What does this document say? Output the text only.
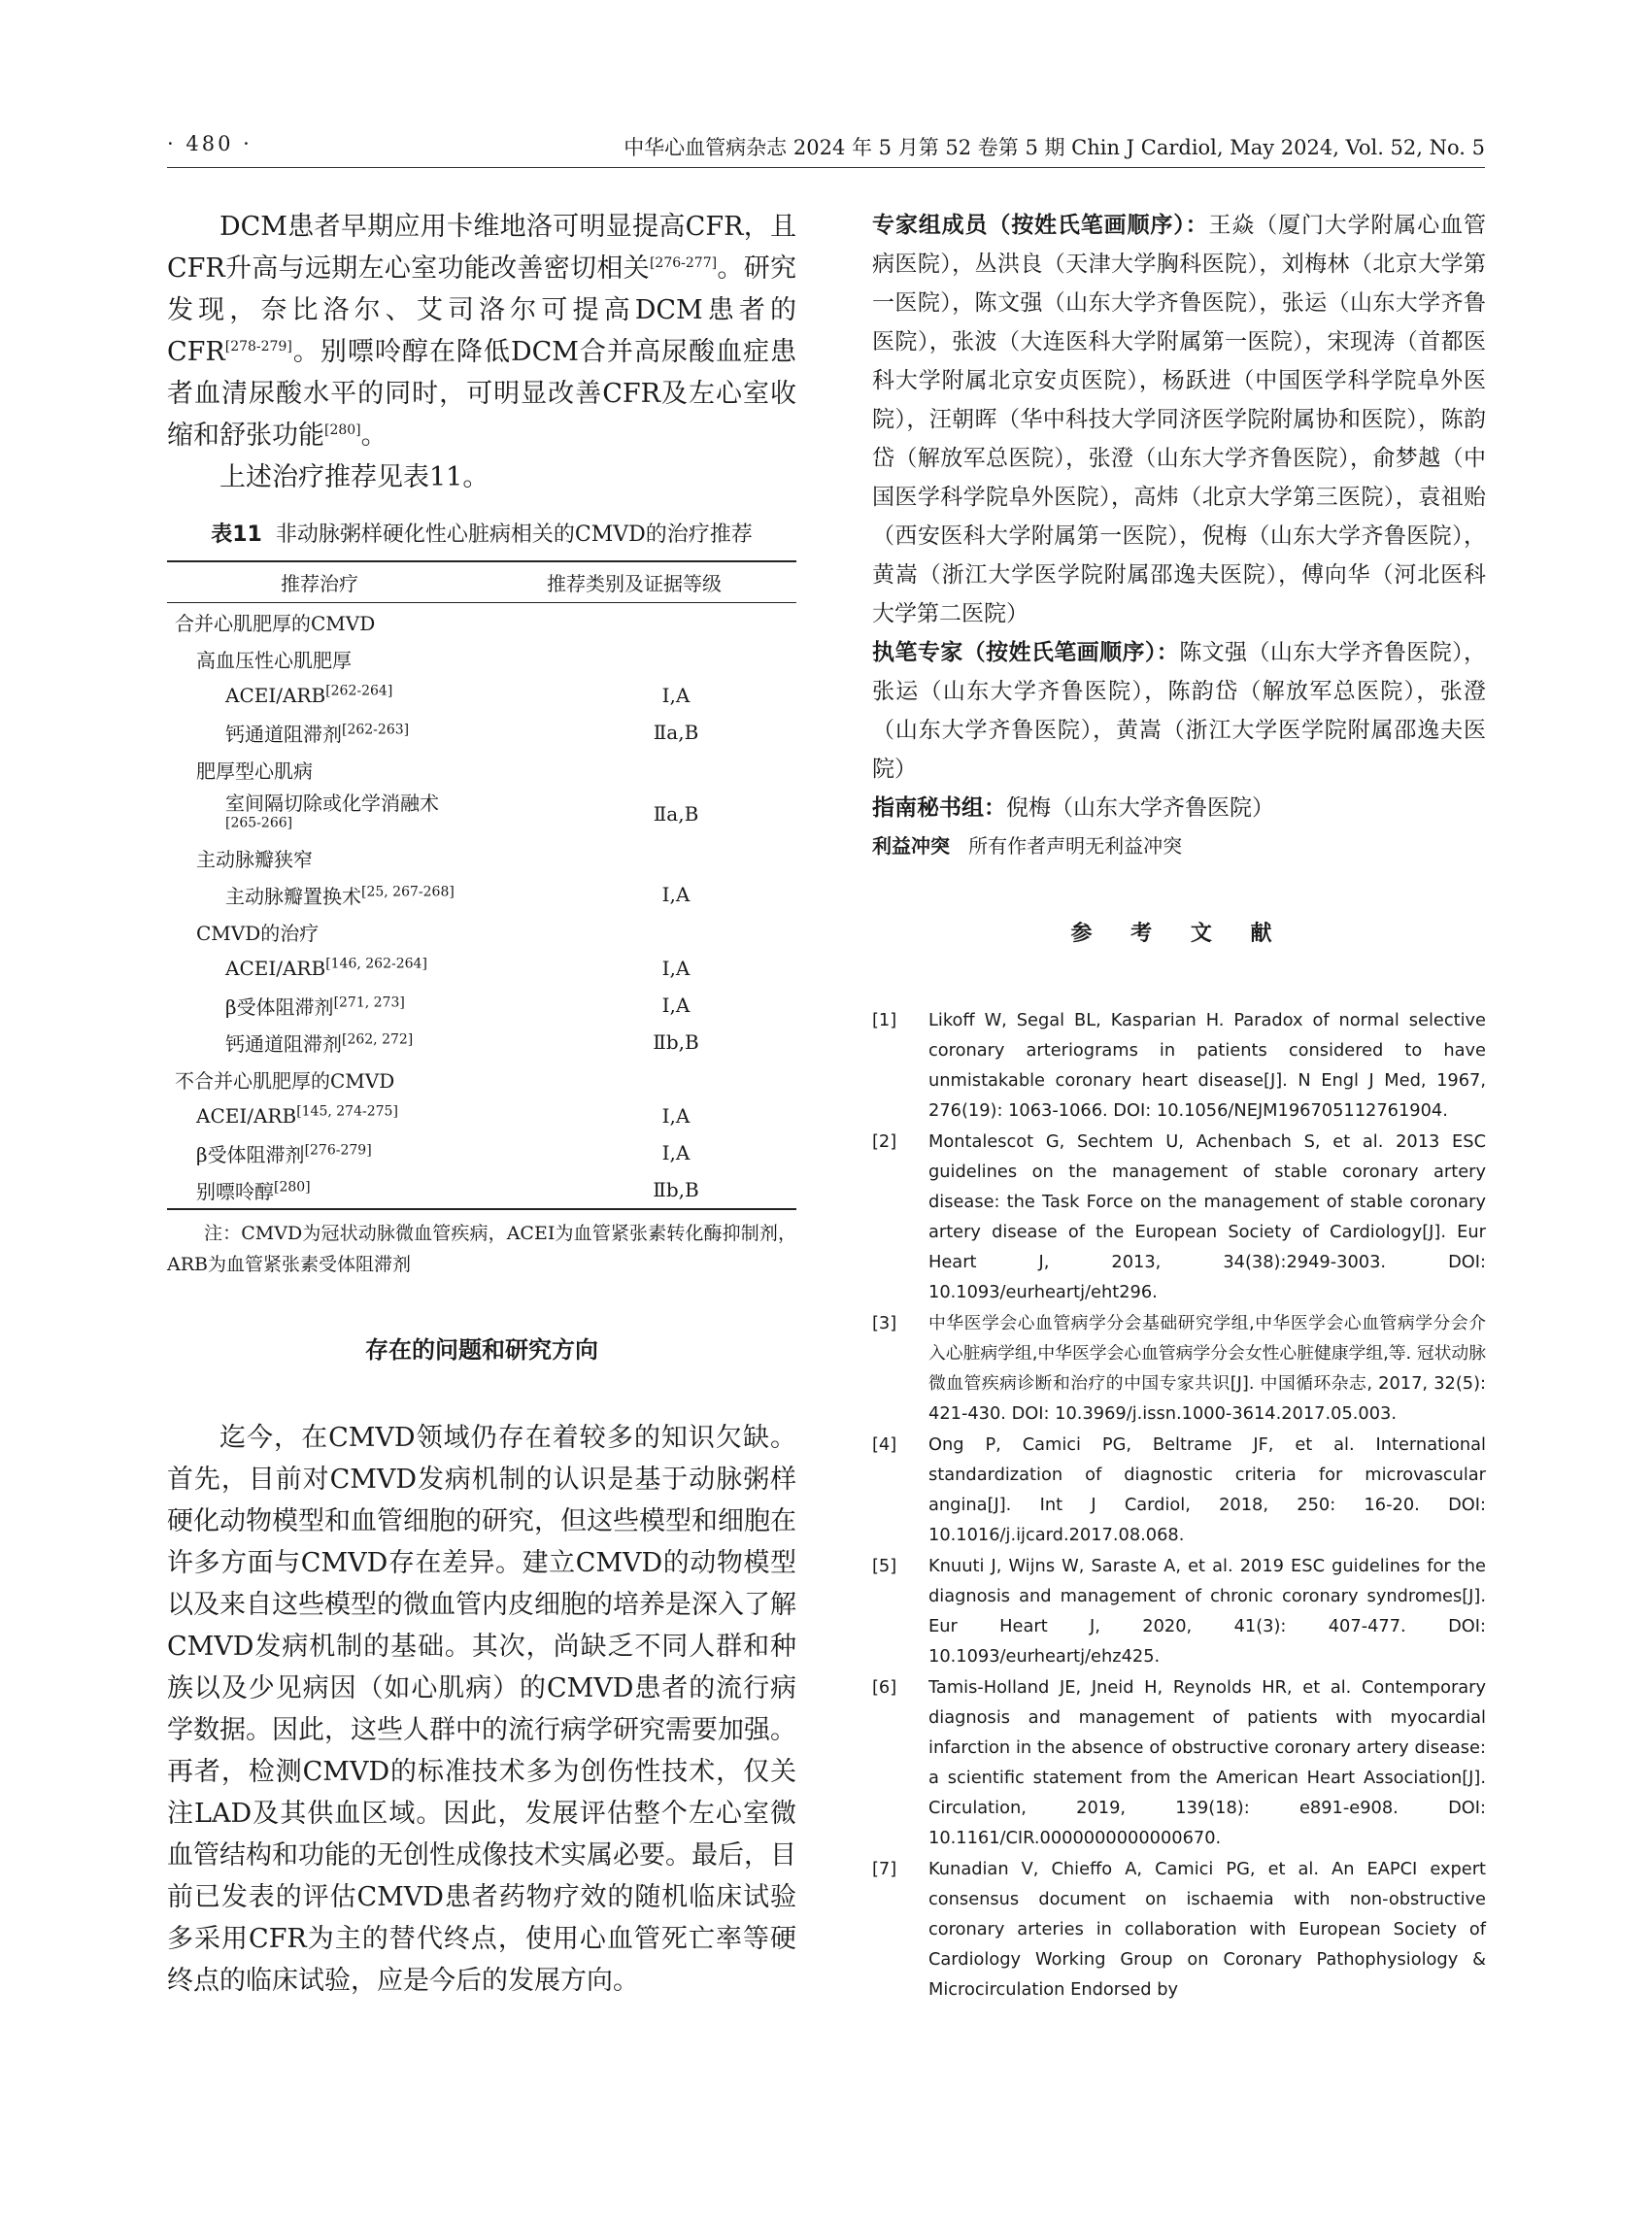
· 480 ·	中华心血管病杂志 2024 年 5 月第 52 卷第 5 期 Chin J Cardiol, May 2024, Vol. 52, No. 5

DCM患者早期应用卡维地洛可明显提高CFR，且CFR升高与远期左心室功能改善密切相关[276-277]。研究发现，奈比洛尔、艾司洛尔可提高DCM患者的CFR[278-279]。别嘌呤醇在降低DCM合并高尿酸血症患者血清尿酸水平的同时，可明显改善CFR及左心室收缩和舒张功能[280]。

上述治疗推荐见表11。

表11 非动脉粥样硬化性心脏病相关的CMVD的治疗推荐
推荐治疗	推荐类别及证据等级
合并心肌肥厚的CMVD	
高血压性心肌肥厚	
ACEI/ARB[262-264]	Ⅰ,A
钙通道阻滞剂[262-263]	Ⅱa,B
肥厚型心肌病	
室间隔切除或化学消融术[265-266]	Ⅱa,B
主动脉瓣狭窄	
主动脉瓣置换术[25, 267-268]	Ⅰ,A
CMVD的治疗	
ACEI/ARB[146, 262-264]	Ⅰ,A
β受体阻滞剂[271, 273]	Ⅰ,A
钙通道阻滞剂[262, 272]	Ⅱb,B
不合并心肌肥厚的CMVD	
ACEI/ARB[145, 274-275]	Ⅰ,A
β受体阻滞剂[276-279]	Ⅰ,A
别嘌呤醇[280]	Ⅱb,B

注：CMVD为冠状动脉微血管疾病，ACEI为血管紧张素转化酶抑制剂，ARB为血管紧张素受体阻滞剂

存在的问题和研究方向

迄今，在CMVD领域仍存在着较多的知识欠缺。首先，目前对CMVD发病机制的认识是基于动脉粥样硬化动物模型和血管细胞的研究，但这些模型和细胞在许多方面与CMVD存在差异。建立CMVD的动物模型以及来自这些模型的微血管内皮细胞的培养是深入了解CMVD发病机制的基础。其次，尚缺乏不同人群和种族以及少见病因（如心肌病）的CMVD患者的流行病学数据。因此，这些人群中的流行病学研究需要加强。再者，检测CMVD的标准技术多为创伤性技术，仅关注LAD及其供血区域。因此，发展评估整个左心室微血管结构和功能的无创性成像技术实属必要。最后，目前已发表的评估CMVD患者药物疗效的随机临床试验多采用CFR为主的替代终点，使用心血管死亡率等硬终点的临床试验，应是今后的发展方向。

专家组成员（按姓氏笔画顺序）：王焱（厦门大学附属心血管病医院），丛洪良（天津大学胸科医院），刘梅林（北京大学第一医院），陈文强（山东大学齐鲁医院），张运（山东大学齐鲁医院），张波（大连医科大学附属第一医院），宋现涛（首都医科大学附属北京安贞医院），杨跃进（中国医学科学院阜外医院），汪朝晖（华中科技大学同济医学院附属协和医院），陈韵岱（解放军总医院），张澄（山东大学齐鲁医院），俞梦越（中国医学科学院阜外医院），高炜（北京大学第三医院），袁祖贻（西安医科大学附属第一医院），倪梅（山东大学齐鲁医院），黄嵩（浙江大学医学院附属邵逸夫医院），傅向华（河北医科大学第二医院）

执笔专家（按姓氏笔画顺序）：陈文强（山东大学齐鲁医院），张运（山东大学齐鲁医院），陈韵岱（解放军总医院），张澄（山东大学齐鲁医院），黄嵩（浙江大学医学院附属邵逸夫医院）

指南秘书组：倪梅（山东大学齐鲁医院）

利益冲突 所有作者声明无利益冲突

参 考 文 献
[1]	Likoff W, Segal BL, Kasparian H. Paradox of normal selective coronary arteriograms in patients considered to have unmistakable coronary heart disease[J]. N Engl J Med, 1967, 276(19): 1063-1066. DOI: 10.1056/NEJM196705112761904.
[2]	Montalescot G, Sechtem U, Achenbach S, et al. 2013 ESC guidelines on the management of stable coronary artery disease: the Task Force on the management of stable coronary artery disease of the European Society of Cardiology[J]. Eur Heart J, 2013, 34(38):2949-3003. DOI: 10.1093/eurheartj/eht296.
[3]	中华医学会心血管病学分会基础研究学组,中华医学会心血管病学分会介入心脏病学组,中华医学会心血管病学分会女性心脏健康学组,等. 冠状动脉微血管疾病诊断和治疗的中国专家共识[J]. 中国循环杂志, 2017, 32(5): 421-430. DOI: 10.3969/j.issn.1000-3614.2017.05.003.
[4]	Ong P, Camici PG, Beltrame JF, et al. International standardization of diagnostic criteria for microvascular angina[J]. Int J Cardiol, 2018, 250: 16-20. DOI: 10.1016/j.ijcard.2017.08.068.
[5]	Knuuti J, Wijns W, Saraste A, et al. 2019 ESC guidelines for the diagnosis and management of chronic coronary syndromes[J]. Eur Heart J, 2020, 41(3): 407-477. DOI: 10.1093/eurheartj/ehz425.
[6]	Tamis-Holland JE, Jneid H, Reynolds HR, et al. Contemporary diagnosis and management of patients with myocardial infarction in the absence of obstructive coronary artery disease: a scientific statement from the American Heart Association[J]. Circulation, 2019, 139(18): e891-e908. DOI: 10.1161/CIR.0000000000000670.
[7]	Kunadian V, Chieffo A, Camici PG, et al. An EAPCI expert consensus document on ischaemia with non-obstructive coronary arteries in collaboration with European Society of Cardiology Working Group on Coronary Pathophysiology & Microcirculation Endorsed by
